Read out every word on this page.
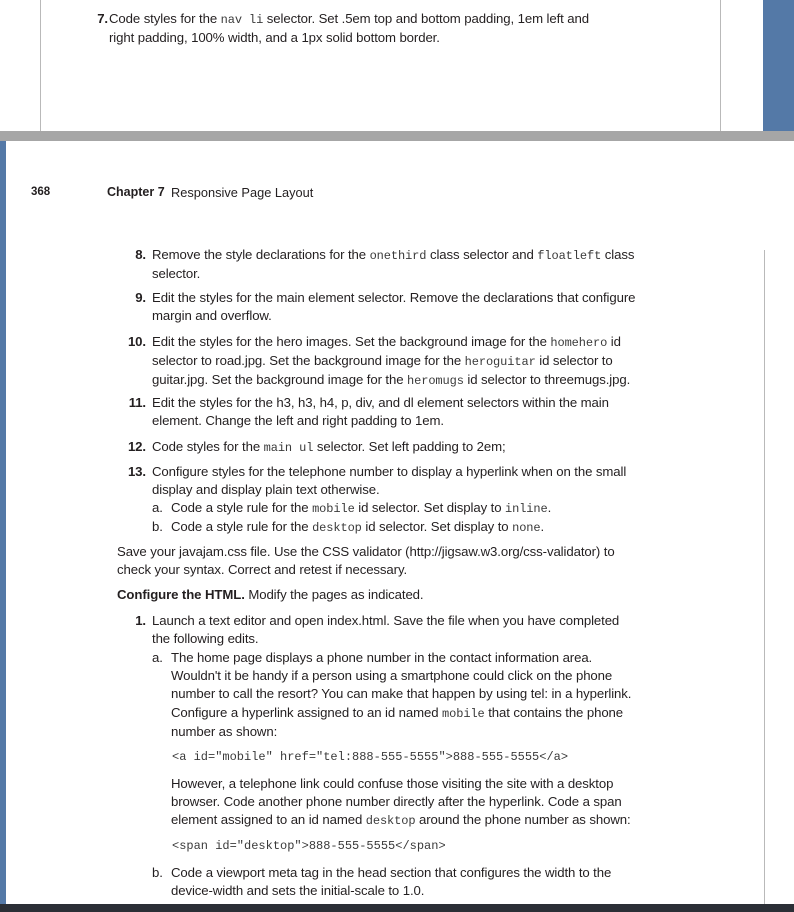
7. Code styles for the nav li selector. Set .5em top and bottom padding, 1em left and
right padding, 100% width, and a 1px solid bottom border.
368	Chapter 7 Responsive Page Layout
8. Remove the style declarations for the onethird class selector and floatleft class
selector.
9. Edit the styles for the main element selector. Remove the declarations that configure
margin and overflow.
10. Edit the styles for the hero images. Set the background image for the homehero id
selector to road.jpg. Set the background image for the heroguitar id selector to
guitar.jpg. Set the background image for the heromugs id selector to threemugs.jpg.
11. Edit the styles for the h3, h3, h4, p, div, and dl element selectors within the main
element. Change the left and right padding to 1em.
12. Code styles for the main ul selector. Set left padding to 2em;
13. Configure styles for the telephone number to display a hyperlink when on the small
display and display plain text otherwise.
a. Code a style rule for the mobile id selector. Set display to inline.
b. Code a style rule for the desktop id selector. Set display to none.
Save your javajam.css file. Use the CSS validator (http://jigsaw.w3.org/css-validator) to
check your syntax. Correct and retest if necessary.
Configure the HTML. Modify the pages as indicated.
1. Launch a text editor and open index.html. Save the file when you have completed
the following edits.
a. The home page displays a phone number in the contact information area.
Wouldn't it be handy if a person using a smartphone could click on the phone
number to call the resort? You can make that happen by using tel: in a hyperlink.
Configure a hyperlink assigned to an id named mobile that contains the phone
number as shown:
<a id="mobile" href="tel:888-555-5555">888-555-5555</a>
However, a telephone link could confuse those visiting the site with a desktop
browser. Code another phone number directly after the hyperlink. Code a span
element assigned to an id named desktop around the phone number as shown:
<span id="desktop">888-555-5555</span>
b. Code a viewport meta tag in the head section that configures the width to the
device-width and sets the initial-scale to 1.0.
